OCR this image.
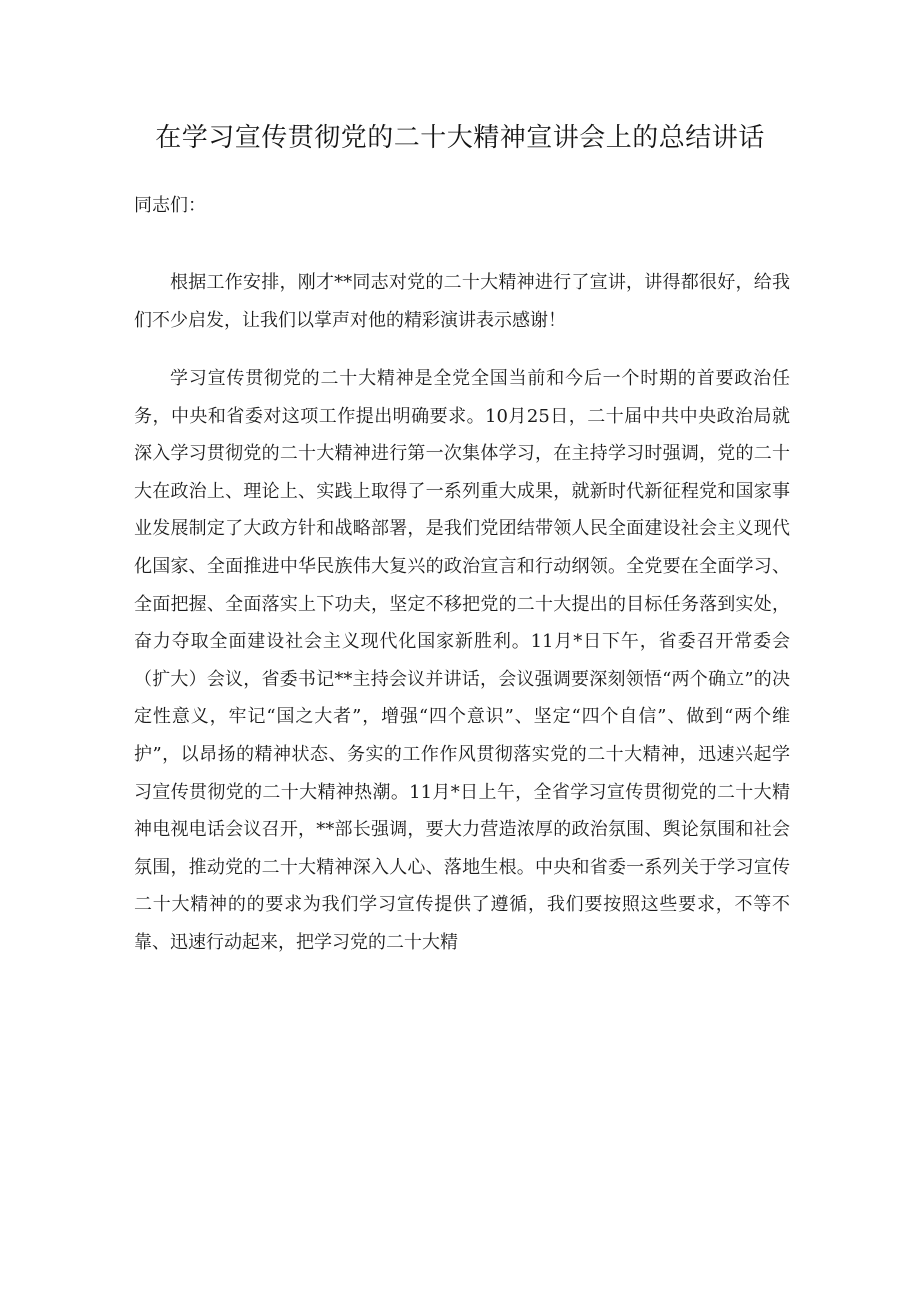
在学习宣传贯彻党的二十大精神宣讲会上的总结讲话

同志们：

根据工作安排，刚才**同志对党的二十大精神进行了宣讲，讲得都很好，给我们不少启发，让我们以掌声对他的精彩演讲表示感谢！

学习宣传贯彻党的二十大精神是全党全国当前和今后一个时期的首要政治任务，中央和省委对这项工作提出明确要求。10月25日，二十届中共中央政治局就深入学习贯彻党的二十大精神进行第一次集体学习，在主持学习时强调，党的二十大在政治上、理论上、实践上取得了一系列重大成果，就新时代新征程党和国家事业发展制定了大政方针和战略部署，是我们党团结带领人民全面建设社会主义现代化国家、全面推进中华民族伟大复兴的政治宣言和行动纲领。全党要在全面学习、全面把握、全面落实上下功夫，坚定不移把党的二十大提出的目标任务落到实处，奋力夺取全面建设社会主义现代化国家新胜利。11月*日下午，省委召开常委会（扩大）会议，省委书记**主持会议并讲话，会议强调要深刻领悟“两个确立”的决定性意义，牢记“国之大者”，增强“四个意识”、坚定“四个自信”、做到“两个维护”，以昂扬的精神状态、务实的工作作风贯彻落实党的二十大精神，迅速兴起学习宣传贯彻党的二十大精神热潮。11月*日上午，全省学习宣传贯彻党的二十大精神电视电话会议召开，**部长强调，要大力营造浓厚的政治氛围、舆论氛围和社会氛围，推动党的二十大精神深入人心、落地生根。中央和省委一系列关于学习宣传二十大精神的的要求为我们学习宣传提供了遵循，我们要按照这些要求，不等不靠、迅速行动起来，把学习党的二十大精
